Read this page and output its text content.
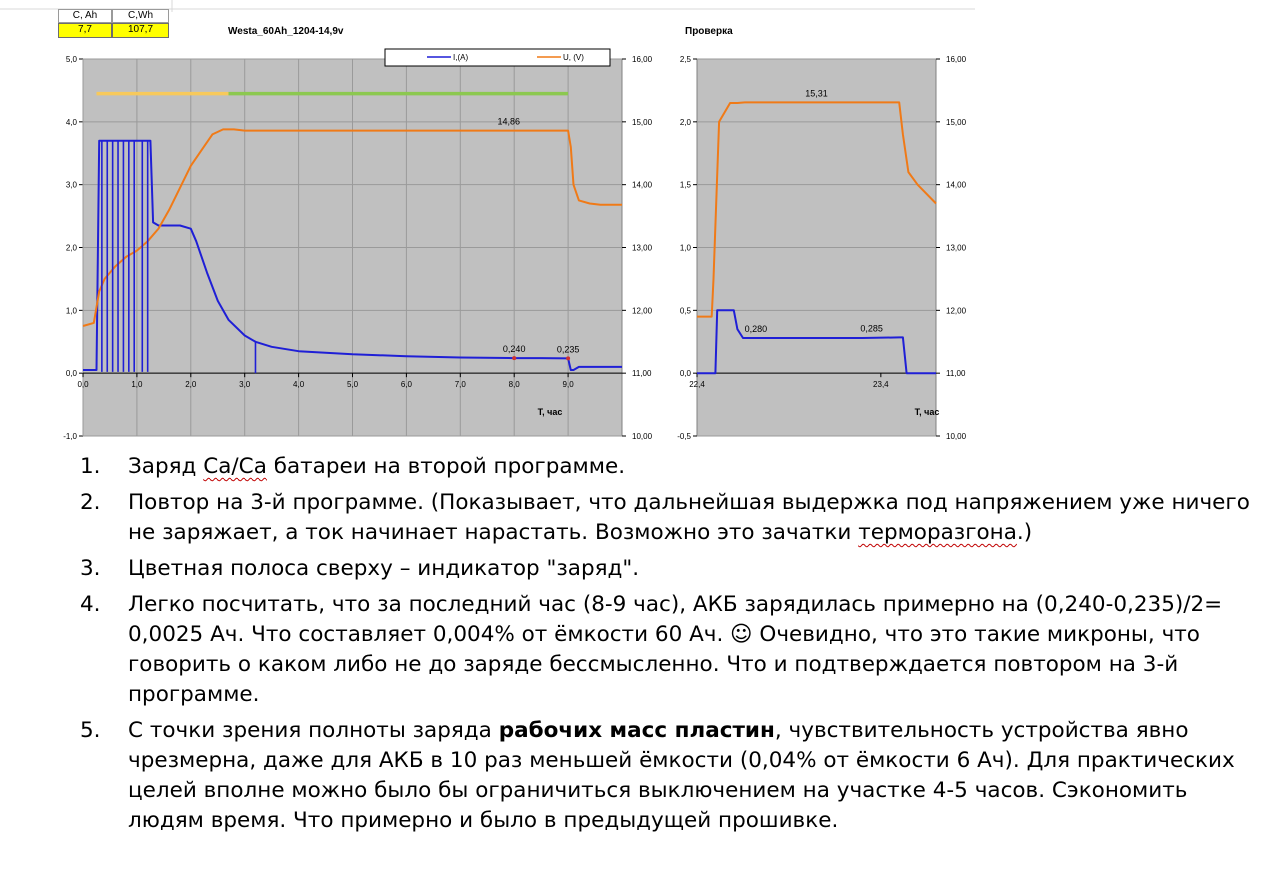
C, Ah	C,Wh
7,7	107,7	Westa_60Ah_1204-14,9v	Проверка
-1,0
0,0
1,0
2,0
3,0
4,0
5,0
10,00
11,00
12,00
13,00
14,00
15,00
16,00
0,0	1,0	2,0	3,0	4,0	5,0	6,0	7,0	8,0	9,0
T, час
14,86
0,240	0,235
I,(A)	U, (V)
-0,5
0,0
0,5
1,0
1,5
2,0
2,5
10,00
11,00
12,00
13,00
14,00
15,00
16,00
22,4	23,4
T, час
15,31
0,280	0,285
1.	Заряд Са/Са батареи на второй программе.
2.	Повтор на 3-й программе. (Показывает, что дальнейшая выдержка под напряжением уже ничего не заряжает, а ток начинает нарастать. Возможно это зачатки терморазгона.)
3.	Цветная полоса сверху – индикатор "заряд".
4.	Легко посчитать, что за последний час (8-9 час), АКБ зарядилась примерно на (0,240-0,235)/2= 0,0025 Ач. Что составляет 0,004% от ёмкости 60 Ач. ☺ Очевидно, что это такие микроны, что говорить о каком либо не до заряде бессмысленно. Что и подтверждается повтором на 3-й программе.
5.	С точки зрения полноты заряда рабочих масс пластин, чувствительность устройства явно чрезмерна, даже для АКБ в 10 раз меньшей ёмкости (0,04% от ёмкости 6 Ач). Для практических целей вполне можно было бы ограничиться выключением на участке 4-5 часов. Сэкономить людям время. Что примерно и было в предыдущей прошивке.
